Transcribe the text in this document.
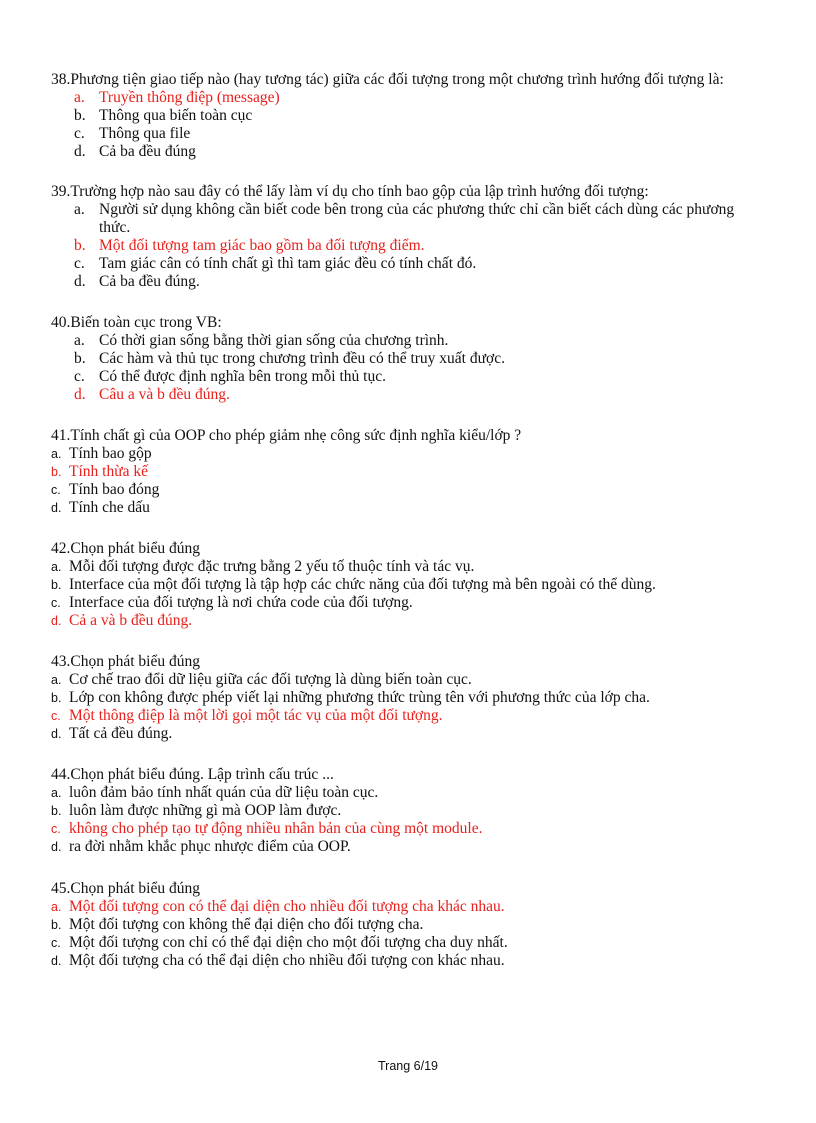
38.Phương tiện giao tiếp nào (hay tương tác) giữa các đối tượng trong một chương trình hướng đối tượng là:
a. Truyền thông điệp (message)
b. Thông qua biến toàn cục
c. Thông qua file
d. Cả ba đều đúng
39.Trường hợp nào sau đây có thể lấy làm ví dụ cho tính bao gộp của lập trình hướng đối tượng:
a. Người sử dụng không cần biết code bên trong của các phương thức chỉ cần biết cách dùng các phương thức.
b. Một đối tượng tam giác bao gồm ba đối tượng điểm.
c. Tam giác cân có tính chất gì thì tam giác đều có tính chất đó.
d. Cả ba đều đúng.
40.Biến toàn cục trong VB:
a. Có thời gian sống bằng thời gian sống của chương trình.
b. Các hàm và thủ tục trong chương trình đều có thể truy xuất được.
c. Có thể được định nghĩa bên trong mỗi thủ tục.
d. Câu a và b đều đúng.
41.Tính chất gì của OOP cho phép giảm nhẹ công sức định nghĩa kiểu/lớp ?
a. Tính bao gộp
b. Tính thừa kế
c. Tính bao đóng
d. Tính che dấu
42.Chọn phát biểu đúng
a. Mỗi đối tượng được đặc trưng bằng 2 yếu tố thuộc tính và tác vụ.
b. Interface của một đối tượng là tập hợp các chức năng của đối tượng mà bên ngoài có thể dùng.
c. Interface của đối tượng là nơi chứa code của đối tượng.
d. Cả a và b đều đúng.
43.Chọn phát biểu đúng
a. Cơ chế trao đổi dữ liệu giữa các đối tượng là dùng biến toàn cục.
b. Lớp con không được phép viết lại những phương thức trùng tên với phương thức của lớp cha.
c. Một thông điệp là một lời gọi một tác vụ của một đối tượng.
d. Tất cả đều đúng.
44.Chọn phát biểu đúng. Lập trình cấu trúc ...
a. luôn đảm bảo tính nhất quán của dữ liệu toàn cục.
b. luôn làm được những gì mà OOP làm được.
c. không cho phép tạo tự động nhiều nhân bản của cùng một module.
d. ra đời nhằm khắc phục nhược điểm của OOP.
45.Chọn phát biểu đúng
a. Một đối tượng con có thể đại diện cho nhiều đối tượng cha khác nhau.
b. Một đối tượng con không thể đại diện cho đối tượng cha.
c. Một đối tượng con chỉ có thể đại diện cho một đối tượng cha duy nhất.
d. Một đối tượng cha có thể đại diện cho nhiều đối tượng con khác nhau.
Trang 6/19
